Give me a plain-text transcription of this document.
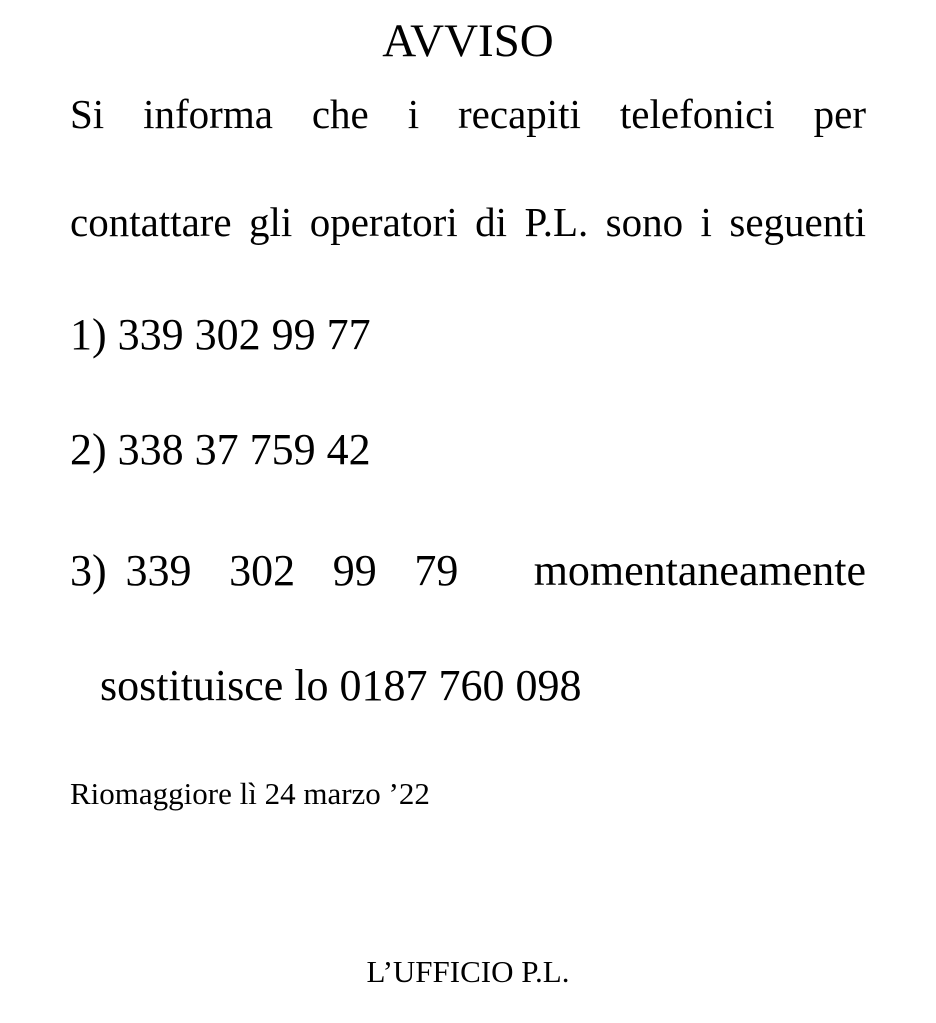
AVVISO
Si informa che i recapiti telefonici per
contattare gli operatori di P.L. sono i seguenti
1) 339 302 99 77
2) 338 37 759 42
3) 339  302  99  79    momentaneamente
sostituisce lo 0187 760 098
Riomaggiore lì 24 marzo ’22
L’UFFICIO P.L.
